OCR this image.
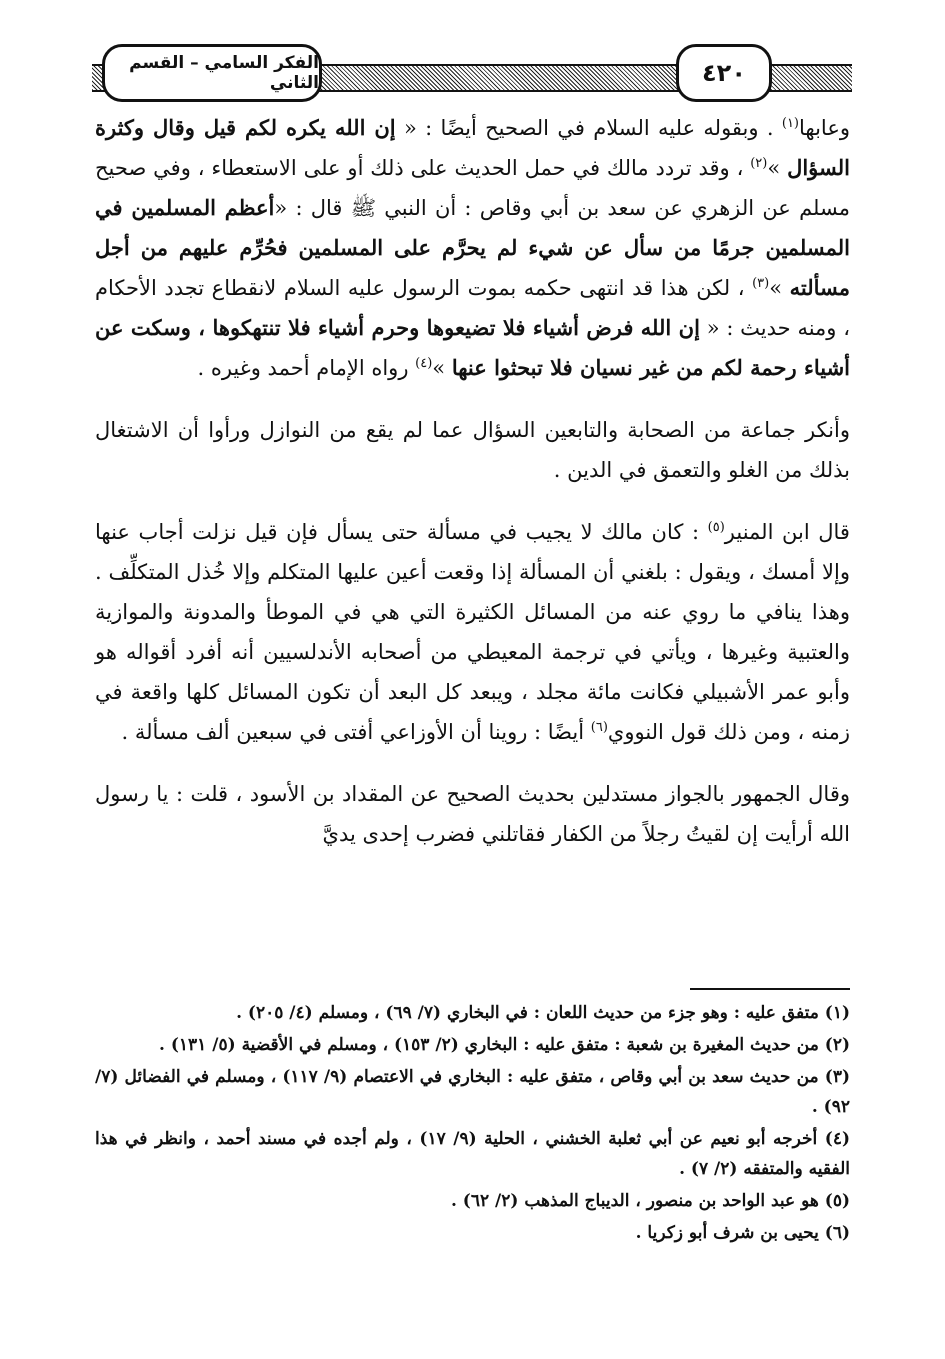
٤٢٠
الفكر السامي – القسم الثاني

وعابها$^{(١)}$ . وبقوله عليه السلام في الصحيح أيضًا : « إن الله يكره لكم قيل وقال وكثرة السؤال »$^{(٢)}$ ، وقد تردد مالك في حمل الحديث على ذلك أو على الاستعطاء ، وفي صحيح مسلم عن الزهري عن سعد بن أبي وقاص : أن النبي ﷺ قال : «أعظم المسلمين في المسلمين جرمًا من سأل عن شيء لم يحرَّم على المسلمين فحُرِّم عليهم من أجل مسألته »$^{(٣)}$ ، لكن هذا قد انتهى حكمه بموت الرسول عليه السلام لانقطاع تجدد الأحكام ، ومنه حديث : « إن الله فرض أشياء فلا تضيعوها وحرم أشياء فلا تنتهكوها ، وسكت عن أشياء رحمة لكم من غير نسيان فلا تبحثوا عنها »$^{(٤)}$ رواه الإمام أحمد وغيره .

وأنكر جماعة من الصحابة والتابعين السؤال عما لم يقع من النوازل ورأوا أن الاشتغال بذلك من الغلو والتعمق في الدين .

قال ابن المنير$^{(٥)}$ : كان مالك لا يجيب في مسألة حتى يسأل فإن قيل نزلت أجاب عنها وإلا أمسك ، ويقول : بلغني أن المسألة إذا وقعت أعين عليها المتكلم وإلا خُذل المتكلِّف . وهذا ينافي ما روي عنه من المسائل الكثيرة التي هي في الموطأ والمدونة والموازية والعتبية وغيرها ، ويأتي في ترجمة المعيطي من أصحابه الأندلسيين أنه أفرد أقواله هو وأبو عمر الأشبيلي فكانت مائة مجلد ، ويبعد كل البعد أن تكون المسائل كلها واقعة في زمنه ، ومن ذلك قول النووي$^{(٦)}$ أيضًا : روينا أن الأوزاعي أفتى في سبعين ألف مسألة .

وقال الجمهور بالجواز مستدلين بحديث الصحيح عن المقداد بن الأسود ، قلت : يا رسول الله أرأيت إن لقيتُ رجلاً من الكفار فقاتلني فضرب إحدى يديَّ

(١) متفق عليه : وهو جزء من حديث اللعان : في البخاري (٧/ ٦٩) ، ومسلم (٤/ ٢٠٥) .

(٢) من حديث المغيرة بن شعبة : متفق عليه : البخاري (٢/ ١٥٣) ، ومسلم في الأقضية (٥/ ١٣١) .

(٣) من حديث سعد بن أبي وقاص ، متفق عليه : البخاري في الاعتصام (٩/ ١١٧) ، ومسلم في الفضائل (٧/ ٩٢) .

(٤) أخرجه أبو نعيم عن أبي ثعلبة الخشني ، الحلية (٩/ ١٧) ، ولم أجده في مسند أحمد ، وانظر في هذا الفقيه والمتفقه (٢/ ٧) .

(٥) هو عبد الواحد بن منصور ، الديباج المذهب (٢/ ٦٢) .

(٦) يحيى بن شرف أبو زكريا .
